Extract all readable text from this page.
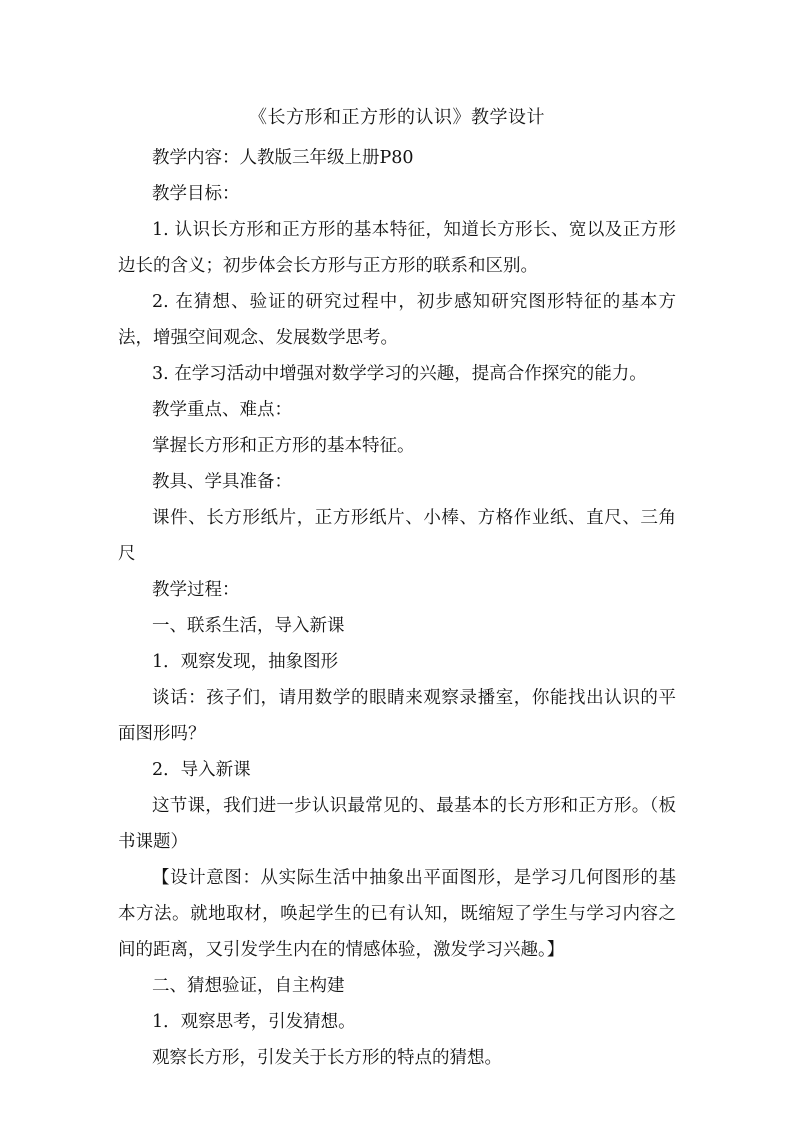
《长方形和正方形的认识》教学设计

教学内容：人教版三年级上册P80

教学目标：

1. 认识长方形和正方形的基本特征，知道长方形长、宽以及正方形边长的含义；初步体会长方形与正方形的联系和区别。

2. 在猜想、验证的研究过程中，初步感知研究图形特征的基本方法，增强空间观念、发展数学思考。

3. 在学习活动中增强对数学学习的兴趣，提高合作探究的能力。

教学重点、难点：

掌握长方形和正方形的基本特征。

教具、学具准备：

课件、长方形纸片，正方形纸片、小棒、方格作业纸、直尺、三角尺

教学过程：

一、联系生活，导入新课

1．观察发现，抽象图形

谈话：孩子们，请用数学的眼睛来观察录播室，你能找出认识的平面图形吗？

2．导入新课

这节课，我们进一步认识最常见的、最基本的长方形和正方形。（板书课题）

【设计意图：从实际生活中抽象出平面图形，是学习几何图形的基本方法。就地取材，唤起学生的已有认知，既缩短了学生与学习内容之间的距离，又引发学生内在的情感体验，激发学习兴趣。】

二、猜想验证，自主构建

1．观察思考，引发猜想。

观察长方形，引发关于长方形的特点的猜想。
